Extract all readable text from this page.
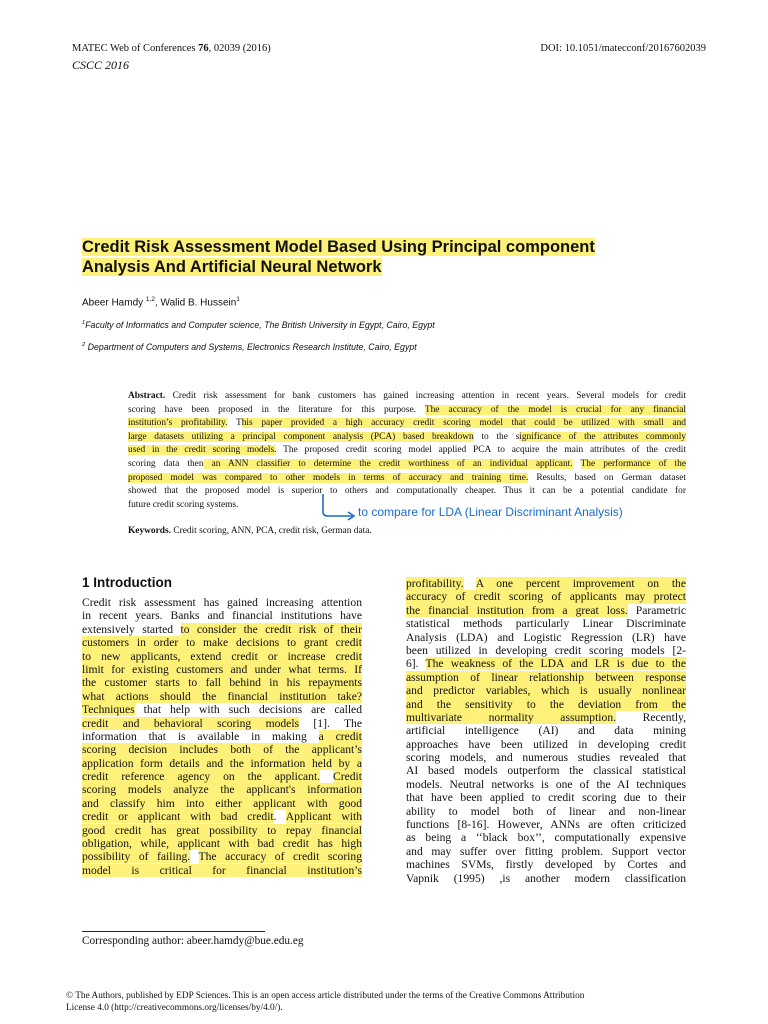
MATEC Web of Conferences 76, 02039 (2016)	DOI: 10.1051/matecconf/20167602039
CSCC 2016
Credit Risk Assessment Model Based Using Principal component
Analysis And Artificial Neural Network
Abeer Hamdy $^{1,2}$, Walid B. Hussein$^1$
$^1$Faculty of Informatics and Computer science, The British University in Egypt, Cairo, Egypt
$^2$ Department of Computers and Systems, Electronics Research Institute, Cairo, Egypt
Abstract. Credit risk assessment for bank customers has gained increasing attention in recent years. Several models for credit
scoring have been proposed in the literature for this purpose. The accuracy of the model is crucial for any financial
institution’s profitability. This paper provided a high accuracy credit scoring model that could be utilized with small and
large datasets utilizing a principal component analysis (PCA) based breakdown to the significance of the attributes commonly
used in the credit scoring models. The proposed credit scoring model applied PCA to acquire the main attributes of the credit
scoring data then an ANN classifier to determine the credit worthiness of an individual applicant. The performance of the
proposed model was compared to other models in terms of accuracy and training time. Results, based on German dataset
showed that the proposed model is superior to others and computationally cheaper. Thus it can be a potential candidate for
future credit scoring systems.
to compare for LDA (Linear Discriminant Analysis)
Keywords. Credit scoring, ANN, PCA, credit risk, German data.
1 Introduction
Credit risk assessment has gained increasing attention
in recent years. Banks and financial institutions have
extensively started to consider the credit risk of their
customers in order to make decisions to grant credit
to new applicants, extend credit or increase credit
limit for existing customers and under what terms. If
the customer starts to fall behind in his repayments
what actions should the financial institution take?
Techniques that help with such decisions are called
credit and behavioral scoring models [1]. The
information that is available in making a credit
scoring decision includes both of the applicant’s
application form details and the information held by a
credit reference agency on the applicant. Credit
scoring models analyze the applicant's information
and classify him into either applicant with good
credit or applicant with bad credit. Applicant with
good credit has great possibility to repay financial
obligation, while, applicant with bad credit has high
possibility of failing. The accuracy of credit scoring
model is critical for financial institution’s
profitability. A one percent improvement on the
accuracy of credit scoring of applicants may protect
the financial institution from a great loss. Parametric
statistical methods particularly Linear Discriminate
Analysis (LDA) and Logistic Regression (LR) have
been utilized in developing credit scoring models [2-
6]. The weakness of the LDA and LR is due to the
assumption of linear relationship between response
and predictor variables, which is usually nonlinear
and the sensitivity to the deviation from the
multivariate normality assumption. Recently,
artificial intelligence (AI) and data mining
approaches have been utilized in developing credit
scoring models, and numerous studies revealed that
AI based models outperform the classical statistical
models. Neutral networks is one of the AI techniques
that have been applied to credit scoring due to their
ability to model both of linear and non-linear
functions [8-16]. However, ANNs are often criticized
as being a ‘‘black box’’, computationally expensive
and may suffer over fitting problem. Support vector
machines SVMs, firstly developed by Cortes and
Vapnik (1995) ,is another modern classification
Corresponding author: abeer.hamdy@bue.edu.eg
© The Authors, published by EDP Sciences. This is an open access article distributed under the terms of the Creative Commons Attribution
License 4.0 (http://creativecommons.org/licenses/by/4.0/).
